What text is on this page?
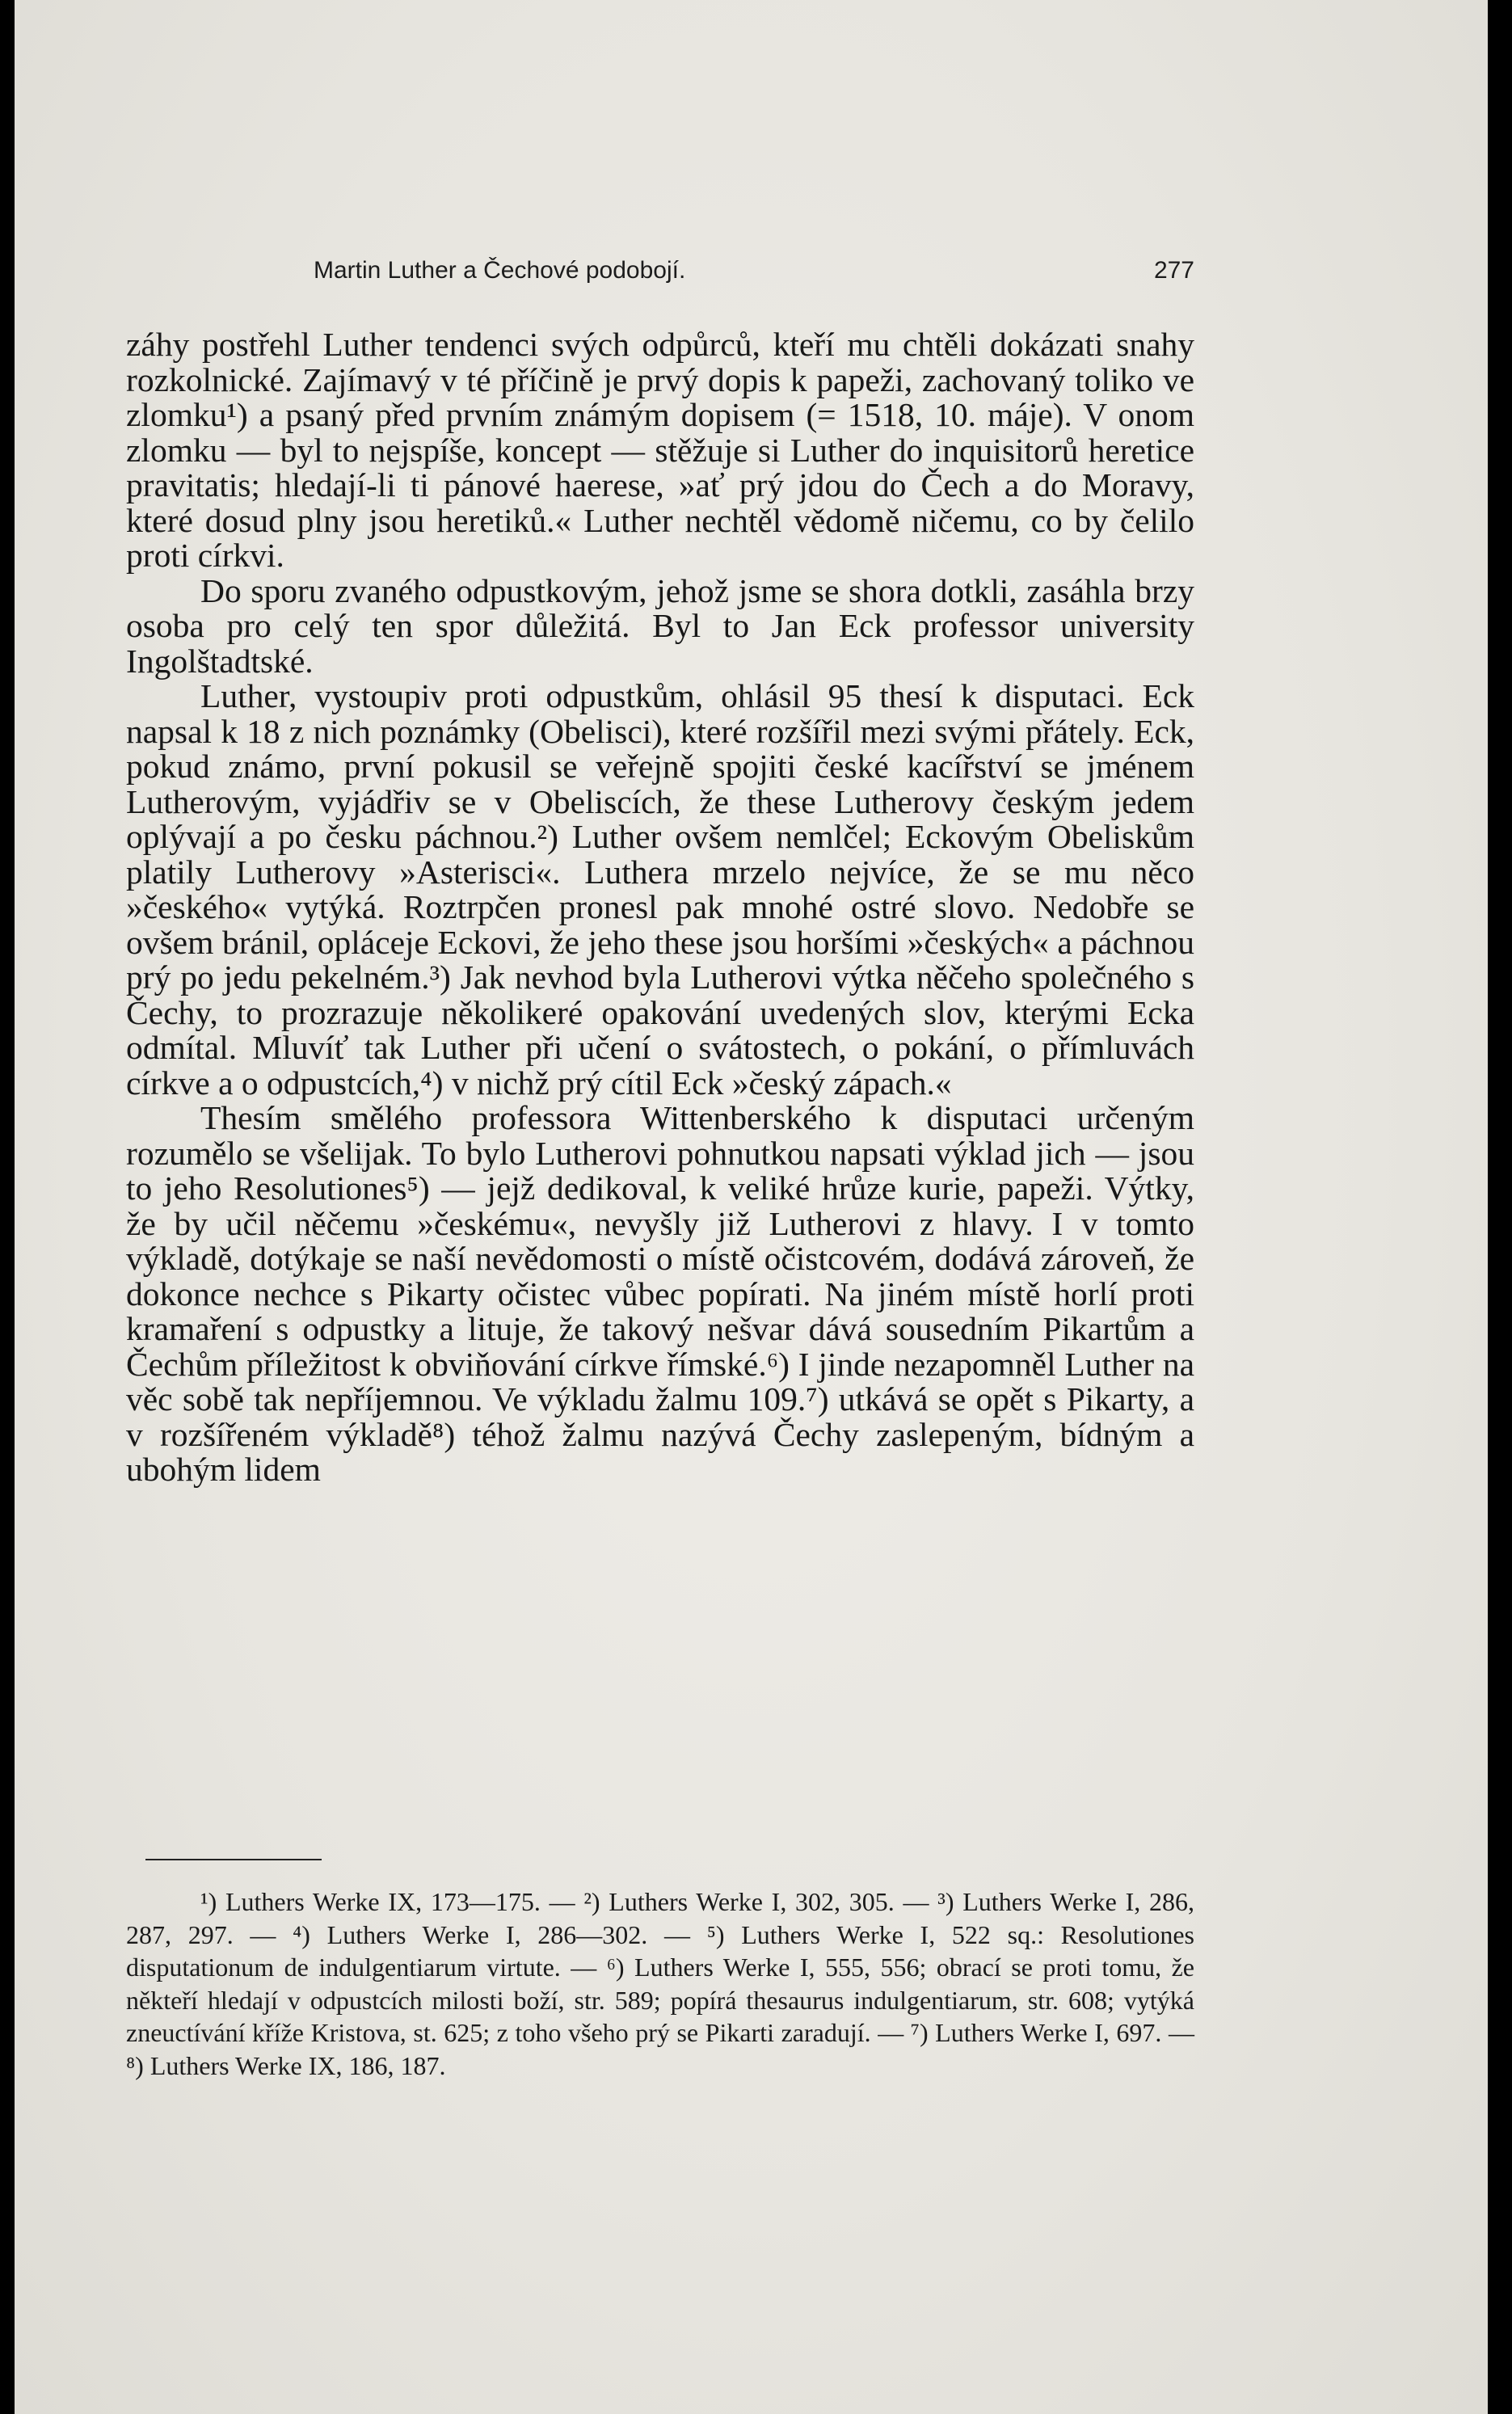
Martin Luther a Čechové podobojí.	277

záhy postřehl Luther tendenci svých odpůrců, kteří mu chtěli dokázati snahy rozkolnické. Zajímavý v té příčině je prvý dopis k papeži, zachovaný toliko ve zlomku¹) a psaný před prvním známým dopisem (= 1518, 10. máje). V onom zlomku — byl to nejspíše, koncept — stěžuje si Luther do inquisitorů heretice pravitatis; hledají-li ti pánové haerese, »ať prý jdou do Čech a do Moravy, které dosud plny jsou heretiků.« Luther nechtěl vědomě ničemu, co by čelilo proti církvi.

Do sporu zvaného odpustkovým, jehož jsme se shora dotkli, zasáhla brzy osoba pro celý ten spor důležitá. Byl to Jan Eck professor university Ingolštadtské.

Luther, vystoupiv proti odpustkům, ohlásil 95 thesí k disputaci. Eck napsal k 18 z nich poznámky (Obelisci), které rozšířil mezi svými přátely. Eck, pokud známo, první pokusil se veřejně spojiti české kacířství se jménem Lutherovým, vyjádřiv se v Obeliscích, že these Lutherovy českým jedem oplývají a po česku páchnou.²) Luther ovšem nemlčel; Eckovým Obeliskům platily Lutherovy »Asterisci«. Luthera mrzelo nejvíce, že se mu něco »českého« vytýká. Roztrpčen pronesl pak mnohé ostré slovo. Nedobře se ovšem bránil, opláceje Eckovi, že jeho these jsou horšími »českých« a páchnou prý po jedu pekelném.³) Jak nevhod byla Lutherovi výtka něčeho společného s Čechy, to prozrazuje několikeré opakování uvedených slov, kterými Ecka odmítal. Mluvíť tak Luther při učení o svátostech, o pokání, o přímluvách církve a o odpustcích,⁴) v nichž prý cítil Eck »český zápach.«

Thesím smělého professora Wittenberského k disputaci určeným rozumělo se všelijak. To bylo Lutherovi pohnutkou napsati výklad jich — jsou to jeho Resolutiones⁵) — jejž dedikoval, k veliké hrůze kurie, papeži. Výtky, že by učil něčemu »českému«, nevyšly již Lutherovi z hlavy. I v tomto výkladě, dotýkaje se naší nevědomosti o místě očistcovém, dodává zároveň, že dokonce nechce s Pikarty očistec vůbec popírati. Na jiném místě horlí proti kramaření s odpustky a lituje, že takový nešvar dává sousedním Pikartům a Čechům příležitost k obviňování církve římské.⁶) I jinde nezapomněl Luther na věc sobě tak nepříjemnou. Ve výkladu žalmu 109.⁷) utkává se opět s Pikarty, a v rozšířeném výkladě⁸) téhož žalmu nazývá Čechy zaslepeným, bídným a ubohým lidem

¹) Luthers Werke IX, 173—175. — ²) Luthers Werke I, 302, 305. — ³) Luthers Werke I, 286, 287, 297. — ⁴) Luthers Werke I, 286—302. — ⁵) Luthers Werke I, 522 sq.: Resolutiones disputationum de indulgentiarum virtute. — ⁶) Luthers Werke I, 555, 556; obrací se proti tomu, že někteří hledají v odpustcích milosti boží, str. 589; popírá thesaurus indulgentiarum, str. 608; vytýká zneuctívání kříže Kristova, st. 625; z toho všeho prý se Pikarti zaradují. — ⁷) Luthers Werke I, 697. — ⁸) Luthers Werke IX, 186, 187.
